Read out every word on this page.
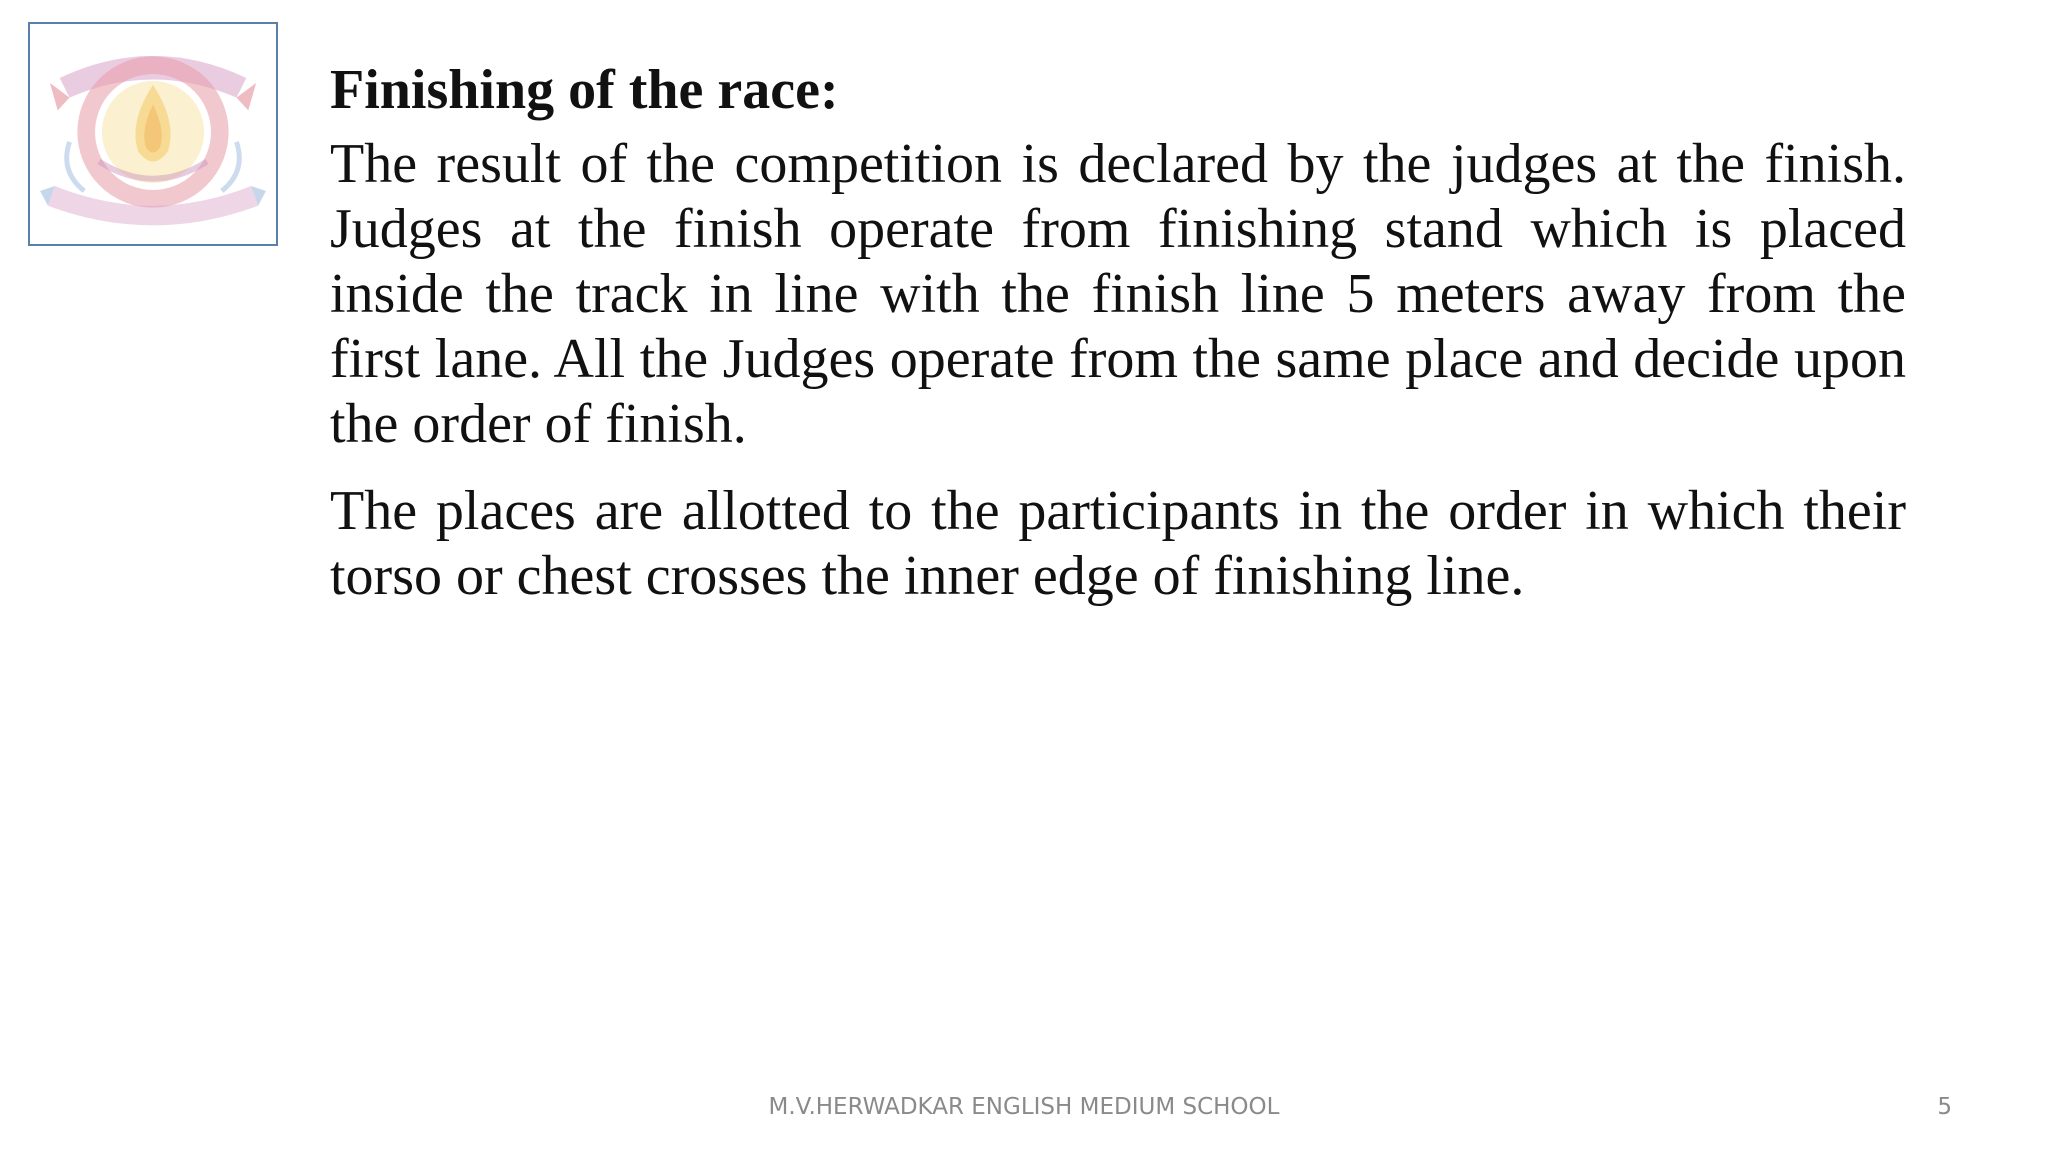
Finishing of the race:

The result of the competition is declared by the judges at the finish. Judges at the finish operate from finishing stand which is placed inside the track in line with the finish line 5 meters away from the first lane. All the Judges operate from the same place and decide upon the order of finish.

The places are allotted to the participants in the order in which their torso or chest crosses the inner edge of finishing line.

M.V.HERWADKAR ENGLISH MEDIUM SCHOOL	5
